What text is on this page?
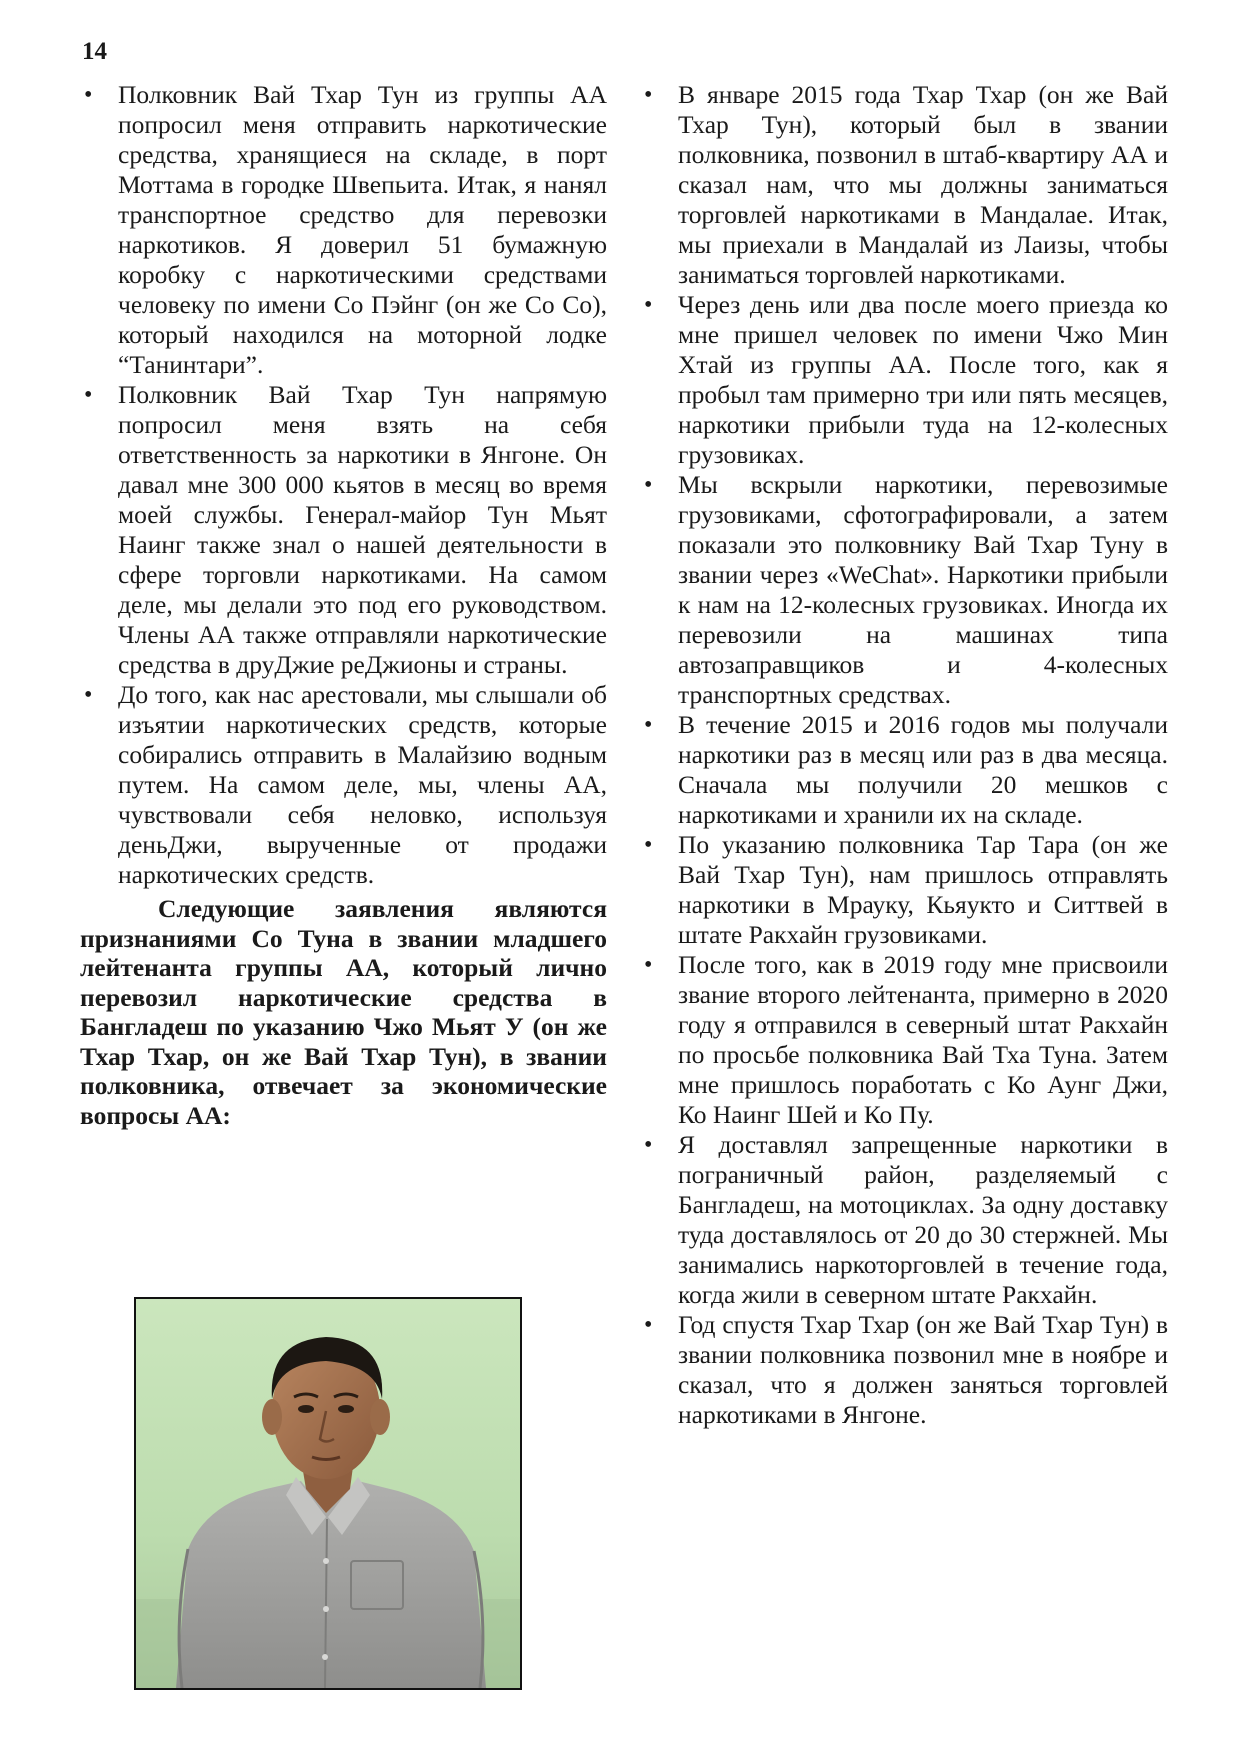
14
• Полковник Вай Тхар Тун из группы АА попросил меня отправить наркотические средства, хранящиеся на складе, в порт Моттама в городке Швепьита. Итак, я нанял транспортное средство для перевозки наркотиков. Я доверил 51 бумажную коробку с наркотическими средствами человеку по имени Со Пэйнг (он же Со Со), который находился на моторной лодке “Танинтари”.
• Полковник Вай Тхар Тун напрямую попросил меня взять на себя ответственность за наркотики в Янгоне. Он давал мне 300 000 кьятов в месяц во время моей службы. Генерал-майор Тун Мьят Наинг также знал о нашей деятельности в сфере торговли наркотиками. На самом деле, мы делали это под его руководством. Члены АА также отправляли наркотические средства в друДжие реДжионы и страны.
• До того, как нас арестовали, мы слышали об изъятии наркотических средств, которые собирались отправить в Малайзию водным путем. На самом деле, мы, члены АА, чувствовали себя неловко, используя деньДжи, вырученные от продажи наркотических средств.

Следующие заявления являются признаниями Со Туна в звании младшего лейтенанта группы АА, который лично перевозил наркотические средства в Бангладеш по указанию Чжо Мьят У (он же Тхар Тхар, он же Вай Тхар Тун), в звании полковника, отвечает за экономические вопросы АА:

• В январе 2015 года Тхар Тхар (он же Вай Тхар Тун), который был в звании полковника, позвонил в штаб-квартиру АА и сказал нам, что мы должны заниматься торговлей наркотиками в Мандалае. Итак, мы приехали в Мандалай из Лаизы, чтобы заниматься торговлей наркотиками.
• Через день или два после моего приезда ко мне пришел человек по имени Чжо Мин Хтай из группы АА. После того, как я пробыл там примерно три или пять месяцев, наркотики прибыли туда на 12-колесных грузовиках.
• Мы вскрыли наркотики, перевозимые грузовиками, сфотографировали, а затем показали это полковнику Вай Тхар Туну в звании через «WeChat». Наркотики прибыли к нам на 12-колесных грузовиках. Иногда их перевозили на машинах типа автозаправщиков и 4-колесных транспортных средствах.
• В течение 2015 и 2016 годов мы получали наркотики раз в месяц или раз в два месяца. Сначала мы получили 20 мешков с наркотиками и хранили их на складе.
• По указанию полковника Тар Тара (он же Вай Тхар Тун), нам пришлось отправлять наркотики в Мрауку, Кьяукто и Ситтвей в штате Ракхайн грузовиками.
• После того, как в 2019 году мне присвоили звание второго лейтенанта, примерно в 2020 году я отправился в северный штат Ракхайн по просьбе полковника Вай Тха Туна. Затем мне пришлось поработать с Ко Аунг Джи, Ко Наинг Шей и Ко Пу.
• Я доставлял запрещенные наркотики в пограничный район, разделяемый с Бангладеш, на мотоциклах. За одну доставку туда доставлялось от 20 до 30 стержней. Мы занимались наркоторговлей в течение года, когда жили в северном штате Ракхайн.
• Год спустя Тхар Тхар (он же Вай Тхар Тун) в звании полковника позвонил мне в ноябре и сказал, что я должен заняться торговлей наркотиками в Янгоне.
